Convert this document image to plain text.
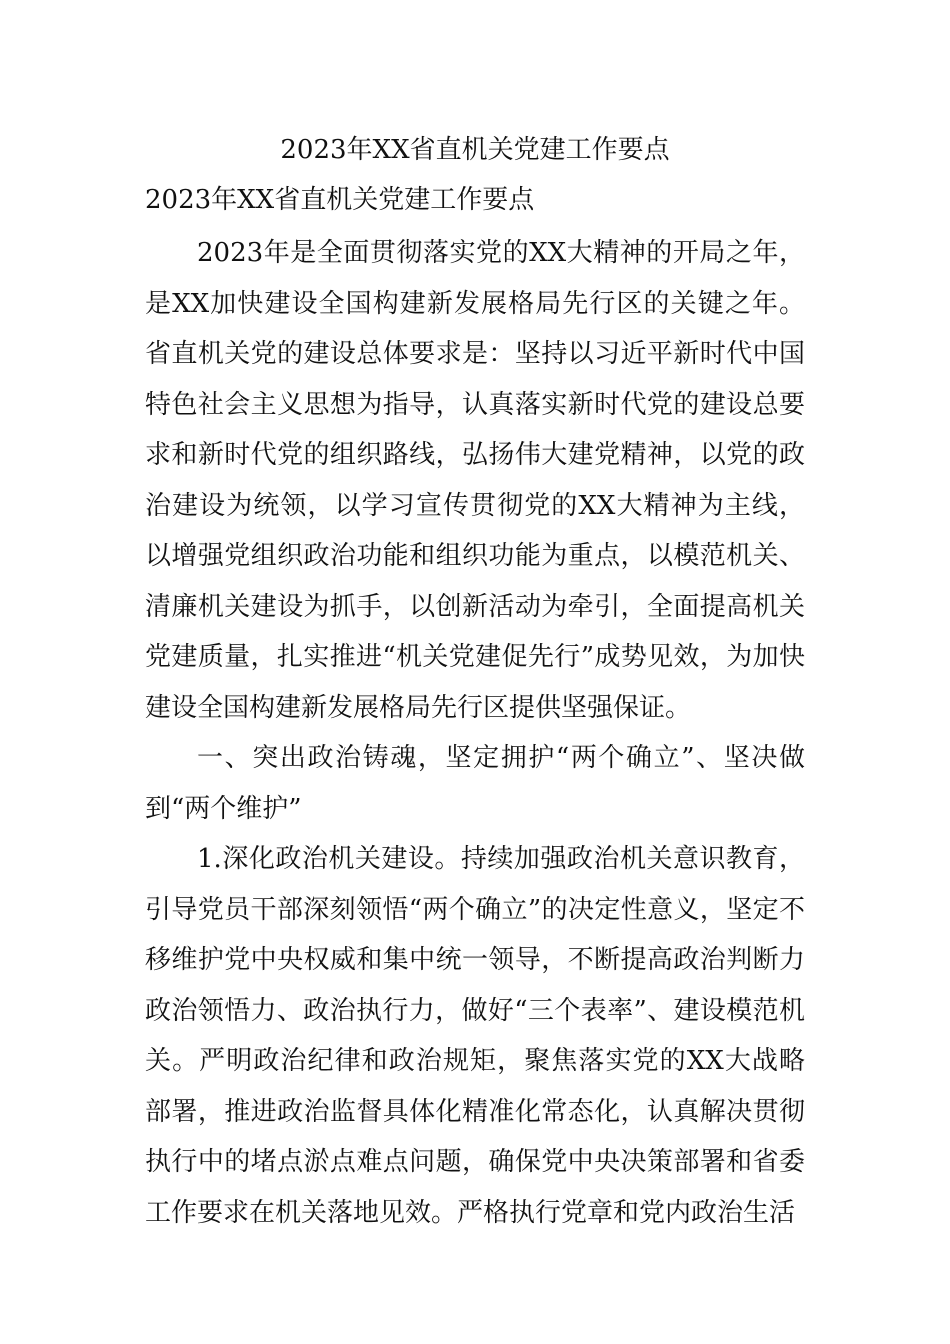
2023年XX省直机关党建工作要点
2023年XX省直机关党建工作要点

2023年是全面贯彻落实党的XX大精神的开局之年，是XX加快建设全国构建新发展格局先行区的关键之年。省直机关党的建设总体要求是：坚持以习近平新时代中国特色社会主义思想为指导，认真落实新时代党的建设总要求和新时代党的组织路线，弘扬伟大建党精神，以党的政治建设为统领，以学习宣传贯彻党的XX大精神为主线，以增强党组织政治功能和组织功能为重点，以模范机关、清廉机关建设为抓手，以创新活动为牵引，全面提高机关党建质量，扎实推进“机关党建促先行”成势见效，为加快建设全国构建新发展格局先行区提供坚强保证。

一、突出政治铸魂，坚定拥护“两个确立”、坚决做到“两个维护”

1.深化政治机关建设。持续加强政治机关意识教育，引导党员干部深刻领悟“两个确立”的决定性意义，坚定不移维护党中央权威和集中统一领导，不断提高政治判断力政治领悟力、政治执行力，做好“三个表率”、建设模范机关。严明政治纪律和政治规矩，聚焦落实党的XX大战略部署，推进政治监督具体化精准化常态化，认真解决贯彻执行中的堵点淤点难点问题，确保党中央决策部署和省委工作要求在机关落地见效。严格执行党章和党内政治生活
